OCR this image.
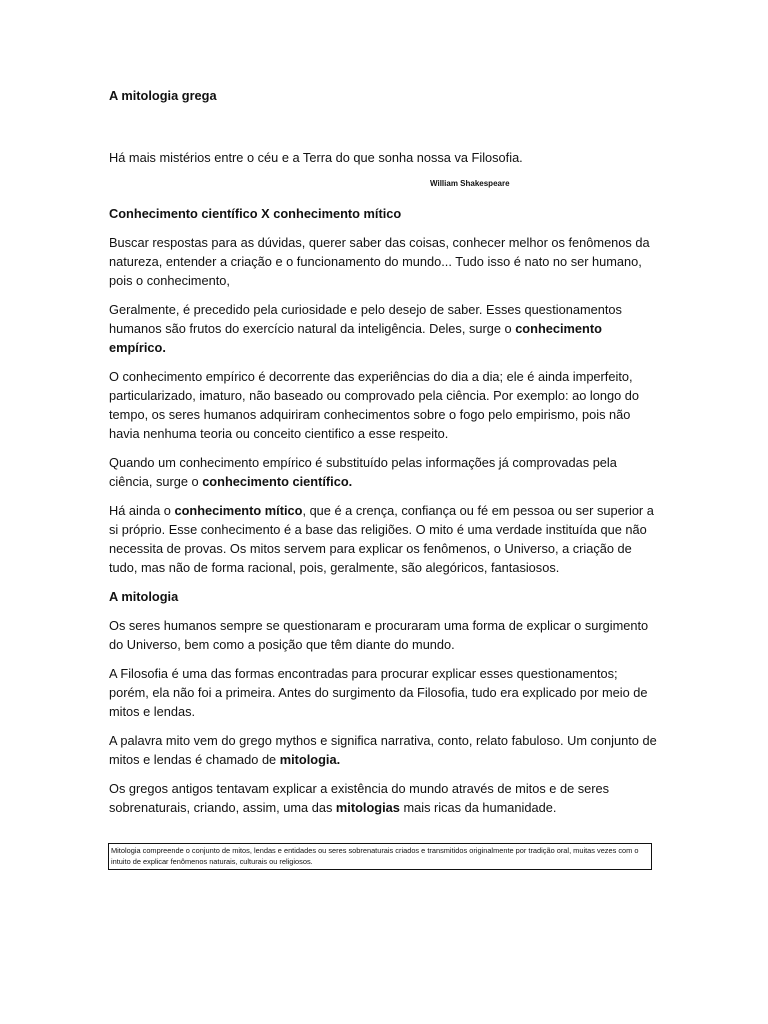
A mitologia grega

Há mais mistérios entre o céu e a Terra do que sonha nossa va Filosofia.

William Shakespeare

Conhecimento científico X conhecimento mítico

Buscar respostas para as dúvidas, querer saber das coisas, conhecer melhor os fenômenos da natureza, entender a criação e o funcionamento do mundo... Tudo isso é nato no ser humano, pois o conhecimento,

Geralmente, é precedido pela curiosidade e pelo desejo de saber. Esses questionamentos humanos são frutos do exercício natural da inteligência. Deles, surge o conhecimento empírico.

O conhecimento empírico é decorrente das experiências do dia a dia; ele é ainda imperfeito, particularizado, imaturo, não baseado ou comprovado pela ciência. Por exemplo: ao longo do tempo, os seres humanos adquiriram conhecimentos sobre o fogo pelo empirismo, pois não havia nenhuma teoria ou conceito cientifico a esse respeito.

Quando um conhecimento empírico é substituído pelas informações já comprovadas pela ciência, surge o conhecimento científico.

Há ainda o conhecimento mítico, que é a crença, confiança ou fé em pessoa ou ser superior a si próprio. Esse conhecimento é a base das religiões. O mito é uma verdade instituída que não necessita de provas. Os mitos servem para explicar os fenômenos, o Universo, a criação de tudo, mas não de forma racional, pois, geralmente, são alegóricos, fantasiosos.

A mitologia

Os seres humanos sempre se questionaram e procuraram uma forma de explicar o surgimento do Universo, bem como a posição que têm diante do mundo.

A Filosofia é uma das formas encontradas para procurar explicar esses questionamentos; porém, ela não foi a primeira. Antes do surgimento da Filosofia, tudo era explicado por meio de mitos e lendas.

A palavra mito vem do grego mythos e significa narrativa, conto, relato fabuloso. Um conjunto de mitos e lendas é chamado de mitologia.

Os gregos antigos tentavam explicar a existência do mundo através de mitos e de seres sobrenaturais, criando, assim, uma das mitologias mais ricas da humanidade.

Mitologia compreende o conjunto de mitos, lendas e entidades ou seres sobrenaturais criados e transmitidos originalmente por tradição oral, muitas vezes com o intuito de explicar fenômenos naturais, culturais ou religiosos.
